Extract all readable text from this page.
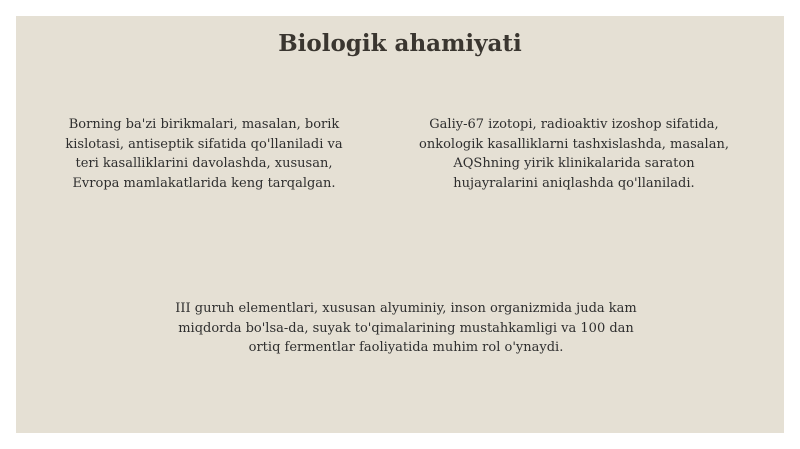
Biologik ahamiyati
Borning ba'zi birikmalari, masalan, borik
kislotasi, antiseptik sifatida qo'llaniladi va
teri kasalliklarini davolashda, xususan,
Evropa mamlakatlarida keng tarqalgan.
Galiy-67 izotopi, radioaktiv izoshop sifatida,
onkologik kasalliklarni tashxislashda, masalan,
AQShning yirik klinikalarida saraton
hujayralarini aniqlashda qo'llaniladi.
III guruh elementlari, xususan alyuminiy, inson organizmida juda kam
miqdorda bo'lsa-da, suyak to'qimalarining mustahkamligi va 100 dan
ortiq fermentlar faoliyatida muhim rol o'ynaydi.
